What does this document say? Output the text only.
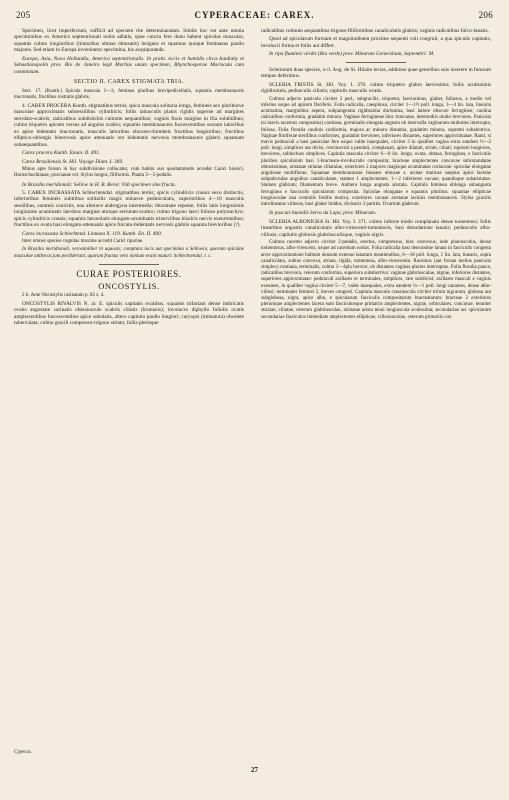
205	CYPERACEAE: CAREX.	206

Specimen, licet imperfectum, sufficit ad speciem rite determinandam. Simile hoc est ante omnia speciminibus ex America septentrionali nobis adlatis, quae cuncta fere donu habent spiculas masculas, squamis culmo longioribus (linearibus obtuse obtusatis) insignes et squamas quoque feminaeas paullo majores. Sed etiam in Europa inveniuntur specimina, his acquiparanda.

Europa, Asia, Nova Hollandia, America septentrionalis. In pratis siccis et humidis circa-Jundiahy et Sebastianopolin prov. Rio de Janeiro legit Martius unum specimen, Rhynchosporae Mariscula cum commixtum.

SECTIO II. CAREX STIGMATA TRIA.

Sect. 17. (Kunth.) Spicula mascula 1—3, feminea pluribus brevipedicellatis, squamis membranaceis mucronatis, fructibus rostratis glabris.

4. CAREX PROCERA Kunth. stigmatibus ternis; spica mascula solitaria longa, femineis sex pluribusve masculae approximatis subsessilibus cylindricis; foliis latiusculis planis rigidis superne ad margines serrulato-scabris; radicalibus subdistichis culmum aequantibus; vaginis fissis margine in fila solubilibus; culmo triquetro apicem versus ad angulos scabro; squamis membranaceis fuscescentibus sursum latioribus ex apice bidentato mucronatis, masculis latioribus obovato-rhombeis fructibus longioribus; fructibus elliptico-oblongis binervosis apice attenuatis ore bidentatis nervosis membranaceis glabris squamam subaequantibus.

Carex procera Kunth. Enum. II. 491.

Carex Brasiliensis St. Hil. Voyage Diam. I. 369.

Minus apte forsan in hac subdivisione collocatur, cum habitu suo quodammodo accedat Carici hisurci, Hornschuchianae, pruvianae cet. Stylus longus, filiformis. Planta 3—5-pedalis.

In Brasilia meridionali: Sellow in H. B. Berol. Vidi specimen sine fructu.

5. CAREX INCRASSATA Schlechtendal. stigmatibus ternis; spicis cylindricis crassis sexu distinctis, inferioribus femineis subtribus solitariis magis minusve pedunculatis, superioribus 4—10 masculis sessilibus, summis conicitis, una alterave androgyna intermedia; rhizomate repente; foliis latis longissimis longissime acuminatis laevibus margine utroque serrulato-scabro; culmo trigono laevi folioso polystachyo; spicis cylindricis crassis; squamis lanceolatis elongato-acuminatis trinerviibus bisulcis nervis exeurrentibus; fructibus ex ovata basi elongato-attenuatis apice furcato-bidentatis nervosis glabris squama brevioribus (?).

Carex incrassata Schlechtend. Linnaea X. 119. Kunth. En. II. 490.

Inter omnes species cognitas maxime accedit Carici ripariae.

In Brasilia meridionali, verosimiliter in aquosis; comptura locis aut specimina a Sellowio, quorum spiculae masculae antheras jam perdiderant, quarum fructus vero nimium erant maturi: Schlechtendal. l. c.

CURAE POSTERIORES.
ONCOSTYLIS.

2 b. Ante Oncostylis carinatam p. 82 s. 4.

ONCOSTYLIS RIVALVIS N. ar. E. spiculis capitatis ovalibus, squamis trifariam dense imbricatis ovatis angustate carinatis obtusiuscule scabris ciliatis (brunneis); involucro diphyllo foliolis ovatis amplectentibus fuscescentibus apice subulatis, altero capitulo paullo longiori; caryopsi (immatura) obsolete tuberculata; culmo gracili compresso-trigono striato; foliis plerisque

Cyperac.

radicalibus culmum aequantibus trigono-filiformibus canaliculatis glabris; vaginis radicalibus fulvo-lanatis.

Quod ad spicularum formam et magnitudinem proxime sequenti coli congruit, a qua spiculis capitatis, involucri forma et foliis aut differt.

In ripa fluminis viridis (Rio verde) prov. Minarum Generalium, Septembri: M.

Scleriarum duas species, a cl. Aug. de St. Hilaire lectas, addimus quae generibus suis inserere in futurum tempus deferimus.

SCLERIA TRISTIS St. Hil. Voy. I. 370. culmo triquetro glabro laevissimo; foliis acutissimis rigidissimis, pedunculis ciliatis; capitulis masculis ovatis.

Culmus adjecto panicula circiter 2 ped., subgracilis, triquetor, laevissimus, glaber, foliosus, a medio vel inferius usque ad apicem floriferis. Folia radicalia, caespitosa, circiter 1—1½ poll. longa, 3—4 lin. lata, linearia acutissima, marginibus aspera, subpungentia rigidissima durissima, basi latiore obscure ferrugineo; caulina radicalibus conformia, gradatim minora. Vaginae ferrugineae hinc truncatae, internodiis multo breviores. Panicula (si mavis racemus compositus) contiana, germinalis elongata angusta ob intervalla vaginarum multoties interrupta, foliosa. Folia floralia caulinis conformia, majora ac minora distantia, gradatim minora, supremi subabortiva. Vaginae floriferae sterilibus conformes, gradatim breviores, inferiores distantes, superiores approximatae. Rami, si mavis pedunculi a basi paniculae fere usque valde inaequales, circiter 3 in qualibet vagina extra eandem ½—2 poll. longi, simplices aut divisi, crectiuscoli a penduli, complanati, apice dilatati, striati, ciliati; supremi longiores, breviores, subincluso simplices. Capitula mascula circiter 6—8 lin. longa, ovata, obtusa, ferruginea, e fasciculis pluribus spicularum basi 1-bracteato-involucratis composita; bracteae amplectentes concavae subrotundatae obtusissimae, aristatae striatae ciliatulae, exteriores 2 majores magisque acuminatae coriaceae: spiculae elongatae angulosae multiflorae. Squamae membranaceae lineares obtusae s. acutae muticae saepius apice lacerae subpubcrulae anguibus canaliculatae, stamen 1 amplectentes; 1—2 inferiores vacuae, quandoque subaristatae. Stamen glabrum; filamentum breve. Anthera longa angusta aristata. Capitula feminea oblonga subangusta ferruginea e fasciculis spicularum composita. Spiculae elongatae e squamis pluribus. squamae ellipticae longiusculae una centralis fertilis mutica, exteriores vacuae aristatae laciniis membranaceis. Stylus gracilis introlineatus villosus, basi glaber biddus, divisuris 3 partitis. Ovarium glabrum.

In pascuis humidis Serra da Lapa, prov. Minarum.

SCLERIA ALBONIGRA St. Hil. Voy. I. 371. culmo inferne modo complanato dense tomentoso; foliis linearibus angustis canaliculatis albo-virescenti-tomentosis, basi denudatione lanatis; pedunculis albo-villosis; capitulis globosis glabriusculisque, vaginis nigris.

Culmus racemo adjecto circiter 2-pedalis, erectus, compressus, hinc convexus, inde planiusculus, dense tomentosus, albo-virescens, usque ad racemum nodus. Folia radicalia basi densissime lanata in fasciculis congesta arcte approximatione bulbum densum extenue lanatum mentientibus, 6—18 poll. longa, 1 lin. lata, linearis, supra canaliculata, subtus convexa, striata, rigida, tomentosa, albo-virescentia. Racemus (aut forsan melius panicula simplex) contiana, terminalis, culmo 3—4plo brevior, ob distantes vaginas pluries interruptus. Folia floralia pauca, radicalibus breviora, ceterum conformia, superiora subabortiva; vaginae glabriusculae, nigrae, inferiores distantes, superiores approximatae: pedunculi axillares et terminales, simplices, rare subdivisi; axillares masculi e vaginis exeuntes, in qualibet vagina circiter 5—7, valde inaequales, extra eandem ¼—1 poll. longi nutantes, dense albo-villosi; terminales feminei 2, breves congesti. Capitula mascula crassiuscula circiter trilum nigrarum, globosa aut subglobosa, nigra, apice albo, e spicularum fasciculis compositarum bracteatarum: bracteae 2 exteriores plerumque amplectentes lacera sunt fasciculosque primariis amplectentes, nigrae, orbiculares, concavae, tenuiter striatae, ciliatae, ceterum glabriusculae, aristatae arista tenui longiuscula scutissima; secundariae sec spicularum secundariae fasciculos immediate amplectentes ellipticae, villosiusculae, ceterum primariis con

27
